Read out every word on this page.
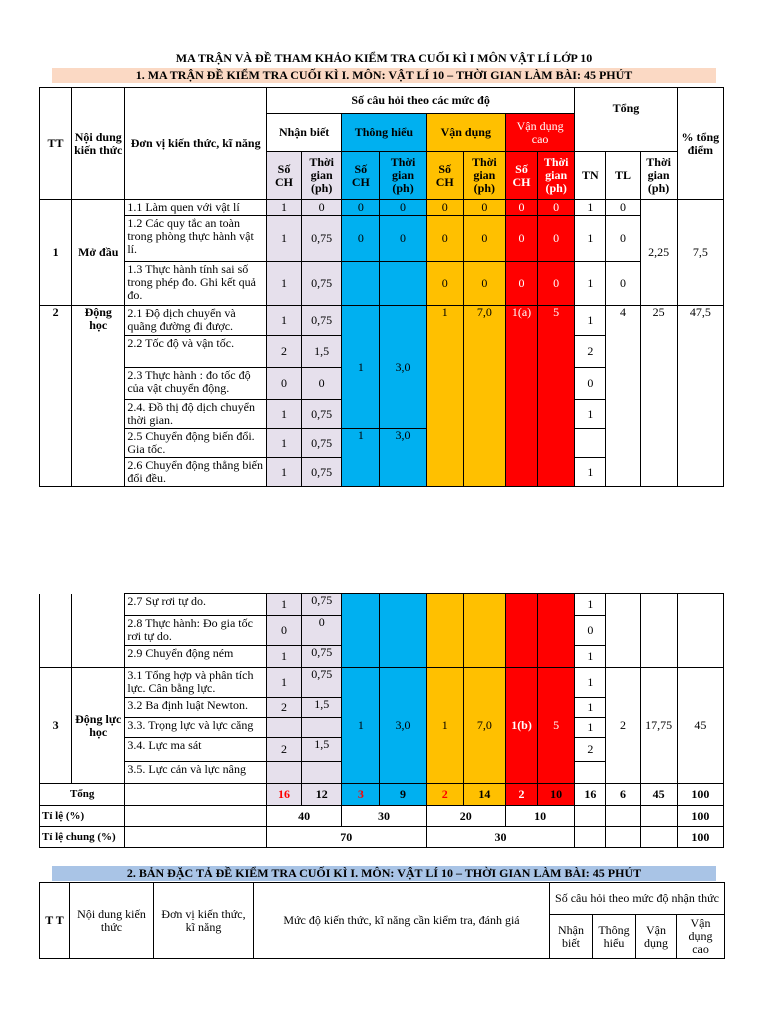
MA TRẬN VÀ ĐỀ THAM KHẢO KIỂM TRA CUỐI KÌ I MÔN VẬT LÍ LỚP 10
1. MA TRẬN ĐỀ KIỂM TRA CUỐI KÌ I. MÔN: VẬT LÍ 10 – THỜI GIAN LÀM BÀI: 45 PHÚT
TT	Nội dung kiến thức	Đơn vị kiến thức, kĩ năng	Số câu hỏi theo các mức độ								Tổng			% tổng điểm
			Nhận biết		Thông hiểu		Vận dụng		Vận dụng cao					
			Số CH	Thời gian (ph)	Số CH	Thời gian (ph)	Số CH	Thời gian (ph)	Số CH	Thời gian (ph)	TN	TL	Thời gian (ph)	
1	Mở đầu	1.1 Làm quen với vật lí	1	0	0	0	0	0	0	0	1	0	2,25	7,5
		1.2 Các quy tắc an toàn trong phòng thực hành vật lí.	1	0,75	0	0	0	0	0	0	1	0		
		1.3 Thực hành tính sai số trong phép đo. Ghi kết quả đo.	1	0,75			0	0	0	0	1	0		
2	Động học	2.1 Độ dịch chuyển và quãng đường đi được.	1	0,75	1	3,0	1	7,0	1(a)	5	1	4	25	47,5
		2.2 Tốc độ và vận tốc.	2	1,5							2			
		2.3 Thực hành : đo tốc độ của vật chuyển động.	0	0							0			
		2.4. Đồ thị độ dịch chuyển thời gian.	1	0,75							1			
		2.5 Chuyển động biến đổi. Gia tốc.	1	0,75	1	3,0								
		2.6 Chuyển động thẳng biến đổi đều.	1	0,75							1			
		2.7 Sự rơi tự do.	1	0,75							1			
		2.8 Thực hành: Đo gia tốc rơi tự do.	0	0							0			
		2.9 Chuyển động ném	1	0,75							1			
3	Động lực học	3.1 Tổng hợp và phân tích lực. Cân bằng lực.	1	0,75	1	3,0	1	7,0	1(b)	5	1	2	17,75	45
		3.2 Ba định luật Newton.	2	1,5							1			
		3.3. Trọng lực và lực căng									1			
		3.4. Lực ma sát	2	1,5							2			
		3.5. Lực cản và lực nâng												
Tổng			16	12	3	9	2	14	2	10	16	6	45	100
Tỉ lệ (%)			40		30		20		10					100
Tỉ lệ chung (%)			70				30							100
2. BẢN ĐẶC TẢ ĐỀ KIỂM TRA CUỐI KÌ I. MÔN: VẬT LÍ 10 – THỜI GIAN LÀM BÀI: 45 PHÚT
T T	Nội dung kiến thức	Đơn vị kiến thức, kĩ năng	Mức độ kiến thức, kĩ năng cần kiểm tra, đánh giá	Số câu hỏi theo mức độ nhận thức			
				Nhận biết	Thông hiểu	Vận dụng	Vận dụng cao
